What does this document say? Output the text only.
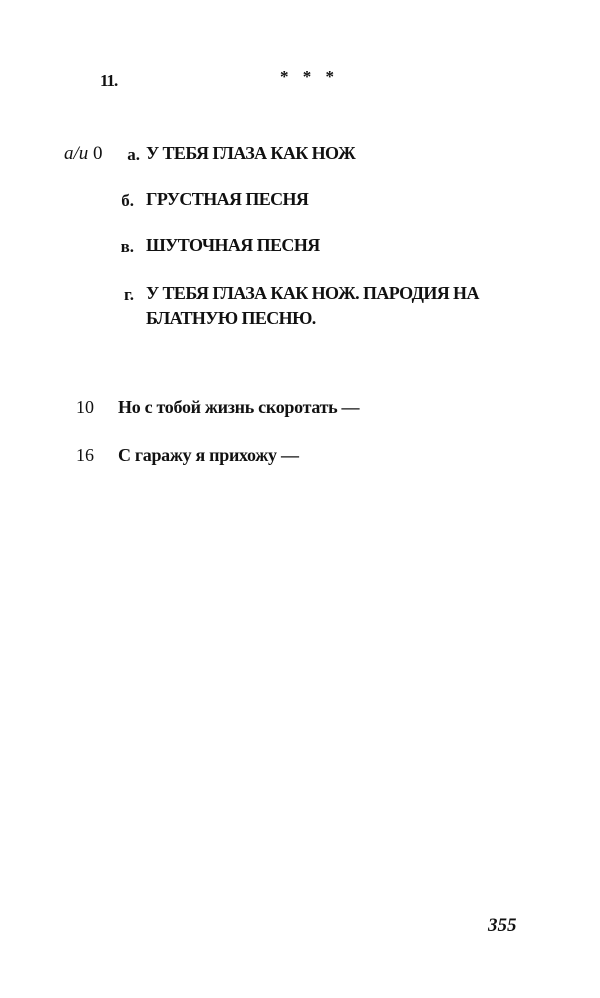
11.	* * *
а/и 0	а. У ТЕБЯ ГЛАЗА КАК НОЖ
б. ГРУСТНАЯ ПЕСНЯ
в. ШУТОЧНАЯ ПЕСНЯ
г. У ТЕБЯ ГЛАЗА КАК НОЖ. ПАРОДИЯ НА БЛАТНУЮ ПЕСНЮ.
10 Но с тобой жизнь скоротать —
16 С гаражу я прихожу —
355
